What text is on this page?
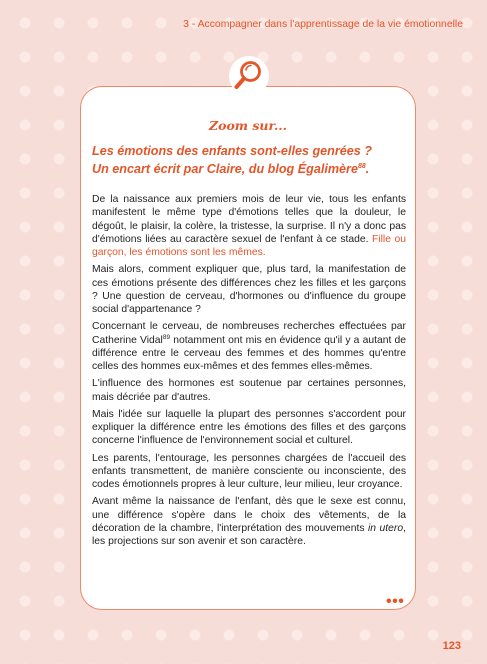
3 - Accompagner dans l'apprentissage de la vie émotionnelle
Zoom sur...
Les émotions des enfants sont-elles genrées ?
Un encart écrit par Claire, du blog Égalimère$^{88}$.

De la naissance aux premiers mois de leur vie, tous les enfants manifestent le même type d'émotions telles que la douleur, le dégoût, le plaisir, la colère, la tristesse, la surprise. Il n'y a donc pas d'émotions liées au caractère sexuel de l'enfant à ce stade. Fille ou garçon, les émotions sont les mêmes.

Mais alors, comment expliquer que, plus tard, la manifestation de ces émotions présente des différences chez les filles et les garçons ? Une question de cerveau, d'hormones ou d'influence du groupe social d'appartenance ?

Concernant le cerveau, de nombreuses recherches effectuées par Catherine Vidal$^{89}$ notamment ont mis en évidence qu'il y a autant de différence entre le cerveau des femmes et des hommes qu'entre celles des hommes eux-mêmes et des femmes elles-mêmes.

L'influence des hormones est soutenue par certaines personnes, mais décriée par d'autres.

Mais l'idée sur laquelle la plupart des personnes s'accordent pour expliquer la différence entre les émotions des filles et des garçons concerne l'influence de l'environnement social et culturel.

Les parents, l'entourage, les personnes chargées de l'accueil des enfants transmettent, de manière consciente ou inconsciente, des codes émotionnels propres à leur culture, leur milieu, leur croyance.

Avant même la naissance de l'enfant, dès que le sexe est connu, une différence s'opère dans le choix des vêtements, de la décoration de la chambre, l'interprétation des mouvements in utero, les projections sur son avenir et son caractère.

•••
123
